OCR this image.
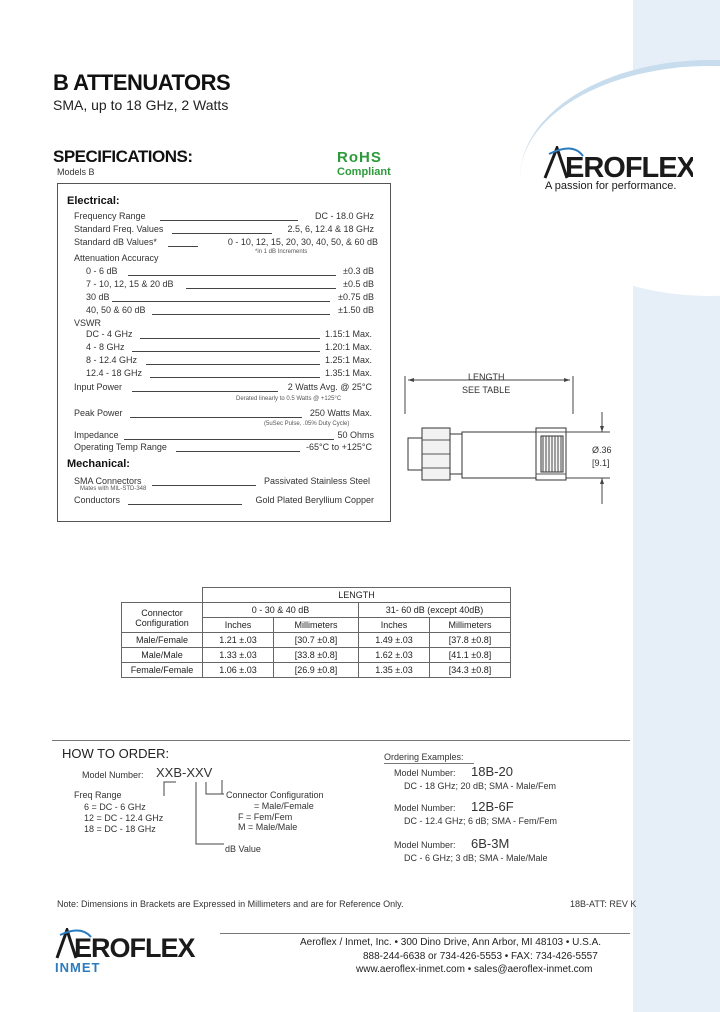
B ATTENUATORS
SMA, up to 18 GHz, 2 Watts
SPECIFICATIONS:
Models B
RoHS
Compliant	EROFLEX
A passion for performance.
Electrical:
Frequency Range	DC - 18.0 GHz
Standard Freq. Values	2.5, 6, 12.4 & 18 GHz
Standard dB Values*	0 - 10, 12, 15, 20, 30, 40, 50, & 60 dB
*in 1 dB Increments
Attenuation Accuracy
0 - 6 dB	±0.3 dB
7 - 10, 12, 15 & 20 dB	±0.5 dB
30 dB	±0.75 dB
40, 50 & 60 dB	±1.50 dB
VSWR
DC - 4 GHz	1.15:1 Max.
4 - 8 GHz	1.20:1 Max.
8 - 12.4 GHz	1.25:1 Max.
12.4 - 18 GHz	1.35:1 Max.
Input Power	2 Watts Avg. @ 25°C
Derated linearly to 0.5 Watts @ +125°C
Peak Power	250 Watts Max.
(5uSec Pulse, .05% Duty Cycle)
Impedance	50 Ohms
Operating Temp Range	-65°C to +125°C
Mechanical:
SMA Connectors	Passivated Stainless Steel
Mates with MIL-STD-348
Conductors	Gold Plated Beryllium Copper
LENGTH
SEE TABLE
Ø.36
[9.1]
	LENGTH			
Connector Configuration	0 - 30 & 40 dB		31- 60 dB (except 40dB)	
	Inches	Millimeters	Inches	Millimeters
Male/Female	1.21 ±.03	[30.7 ±0.8]	1.49 ±.03	[37.8 ±0.8]
Male/Male	1.33 ±.03	[33.8 ±0.8]	1.62 ±.03	[41.1 ±0.8]
Female/Female	1.06 ±.03	[26.9 ±0.8]	1.35 ±.03	[34.3 ±0.8]
HOW TO ORDER:
Model Number: XXB-XXV
Freq Range
6 = DC - 6 GHz
12 = DC - 12.4 GHz
18 = DC - 18 GHz
Connector Configuration
= Male/Female
F = Fem/Fem
M = Male/Male
dB Value
Ordering Examples:
Model Number: 18B-20
DC - 18 GHz; 20 dB; SMA - Male/Fem
Model Number: 12B-6F
DC - 12.4 GHz; 6 dB; SMA - Fem/Fem
Model Number: 6B-3M
DC - 6 GHz; 3 dB; SMA - Male/Male
Note: Dimensions in Brackets are Expressed in Millimeters and are for Reference Only.	18B-ATT: REV K
EROFLEX
INMET
Aeroflex / Inmet, Inc. • 300 Dino Drive, Ann Arbor, MI 48103 • U.S.A.
888-244-6638 or 734-426-5553 • FAX: 734-426-5557
www.aeroflex-inmet.com • sales@aeroflex-inmet.com
